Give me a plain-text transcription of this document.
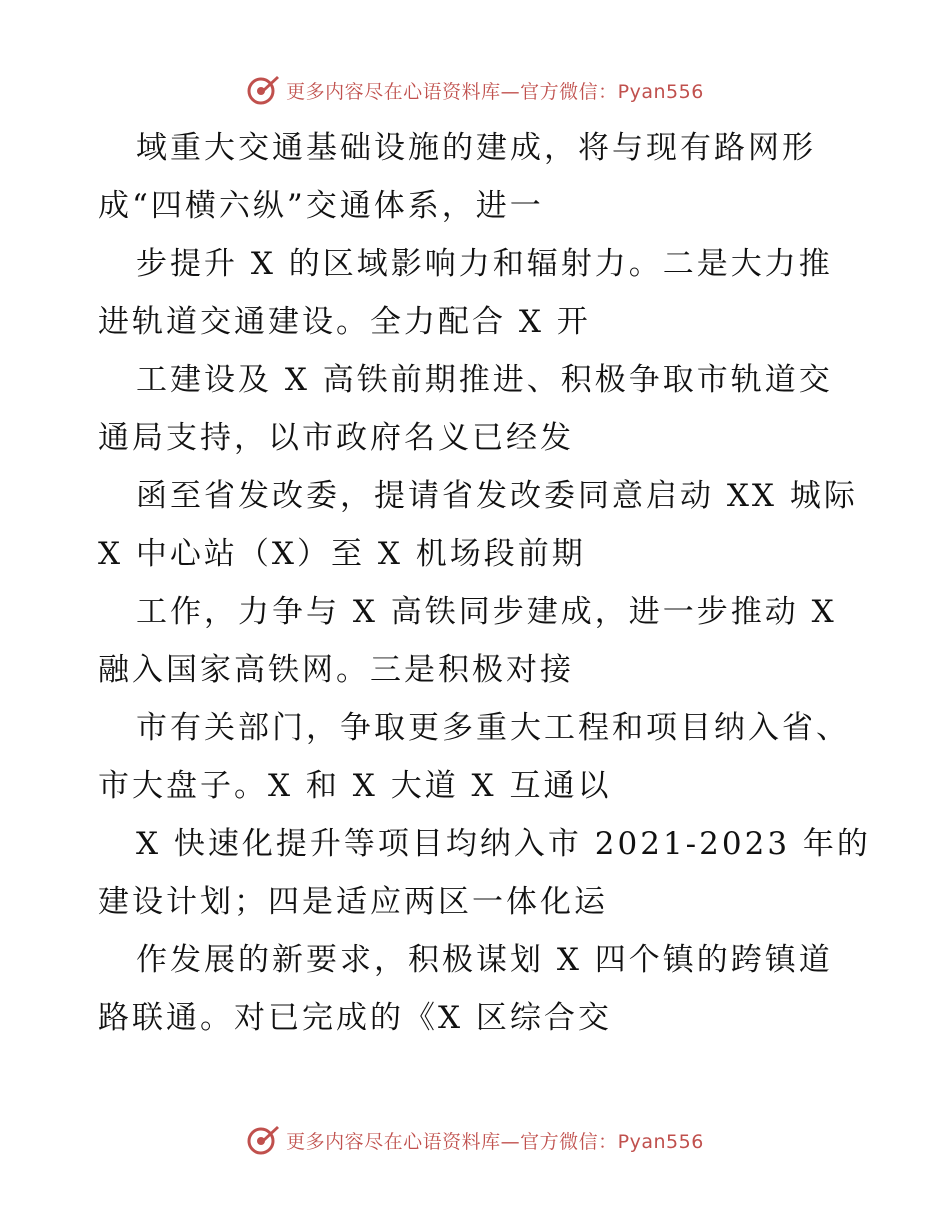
更多内容尽在心语资料库—官方微信：Pyan556
域重大交通基础设施的建成，将与现有路网形
成“四横六纵”交通体系，进一
步提升 X 的区域影响力和辐射力。二是大力推
进轨道交通建设。全力配合 X 开
工建设及 X 高铁前期推进、积极争取市轨道交
通局支持，以市政府名义已经发
函至省发改委，提请省发改委同意启动 XX 城际
X 中心站（X）至 X 机场段前期
工作，力争与 X 高铁同步建成，进一步推动 X
融入国家高铁网。三是积极对接
市有关部门，争取更多重大工程和项目纳入省、
市大盘子。X 和 X 大道 X 互通以
X 快速化提升等项目均纳入市 2021-2023 年的
建设计划；四是适应两区一体化运
作发展的新要求，积极谋划 X 四个镇的跨镇道
路联通。对已完成的《X 区综合交
更多内容尽在心语资料库—官方微信：Pyan556
